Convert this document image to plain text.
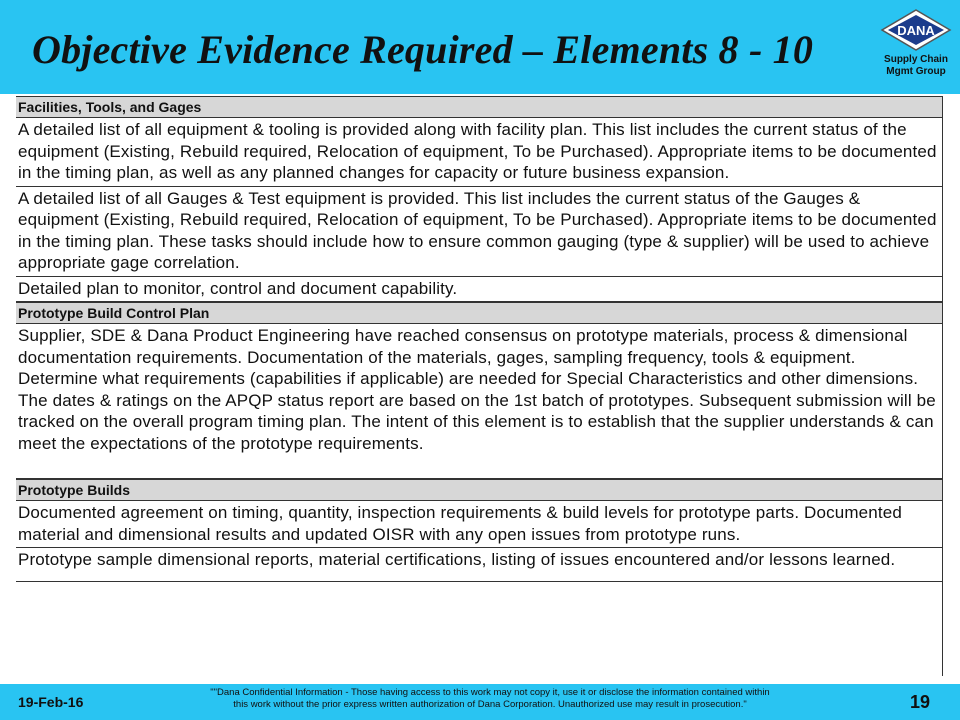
Objective Evidence Required – Elements 8 - 10	DANA
Supply Chain
Mgmt Group
Facilities, Tools, and Gages
A detailed list of all equipment & tooling is provided along with facility plan. This list includes the current status of the equipment (Existing, Rebuild required, Relocation of equipment, To be Purchased). Appropriate items to be documented in the timing plan, as well as any planned changes for capacity or future business expansion.
A detailed list of all Gauges & Test equipment is provided. This list includes the current status of the Gauges & equipment (Existing, Rebuild required, Relocation of equipment, To be Purchased). Appropriate items to be documented in the timing plan. These tasks should include how to ensure common gauging (type & supplier) will be used to achieve appropriate gage correlation.
Detailed plan to monitor, control and document capability.
Prototype Build Control Plan
Supplier, SDE & Dana Product Engineering have reached consensus on prototype materials, process & dimensional documentation requirements. Documentation of the materials, gages, sampling frequency, tools & equipment. Determine what requirements (capabilities if applicable) are needed for Special Characteristics and other dimensions. The dates & ratings on the APQP status report are based on the 1st batch of prototypes. Subsequent submission will be tracked on the overall program timing plan. The intent of this element is to establish that the supplier understands & can meet the expectations of the prototype requirements.
Prototype Builds
Documented agreement on timing, quantity, inspection requirements & build levels for prototype parts. Documented material and dimensional results and updated OISR with any open issues from prototype runs.
Prototype sample dimensional reports, material certifications, listing of issues encountered and/or lessons learned.
19-Feb-16
""Dana Confidential Information - Those having access to this work may not copy it, use it or disclose the information contained within
this work without the prior express written authorization of Dana Corporation. Unauthorized use may result in prosecution."	19
